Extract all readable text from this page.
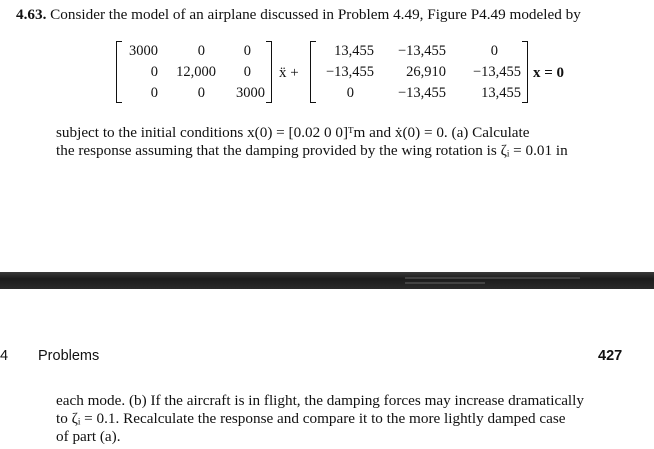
4.63. Consider the model of an airplane discussed in Problem 4.49, Figure P4.49 modeled by
3000	0	0
0 12,000 0
0	0 3000
ẍ +
13,455 −13,455	0
−13,455 26,910 −13,455
0	−13,455 13,455
x = 0
subject to the initial conditions x(0) = [0.02 0 0]ᵀm and ẋ(0) = 0. (a) Calculate
the response assuming that the damping provided by the wing rotation is ζᵢ = 0.01 in
4 Problems	427
each mode. (b) If the aircraft is in flight, the damping forces may increase dramatically
to ζᵢ = 0.1. Recalculate the response and compare it to the more lightly damped case
of part (a).
